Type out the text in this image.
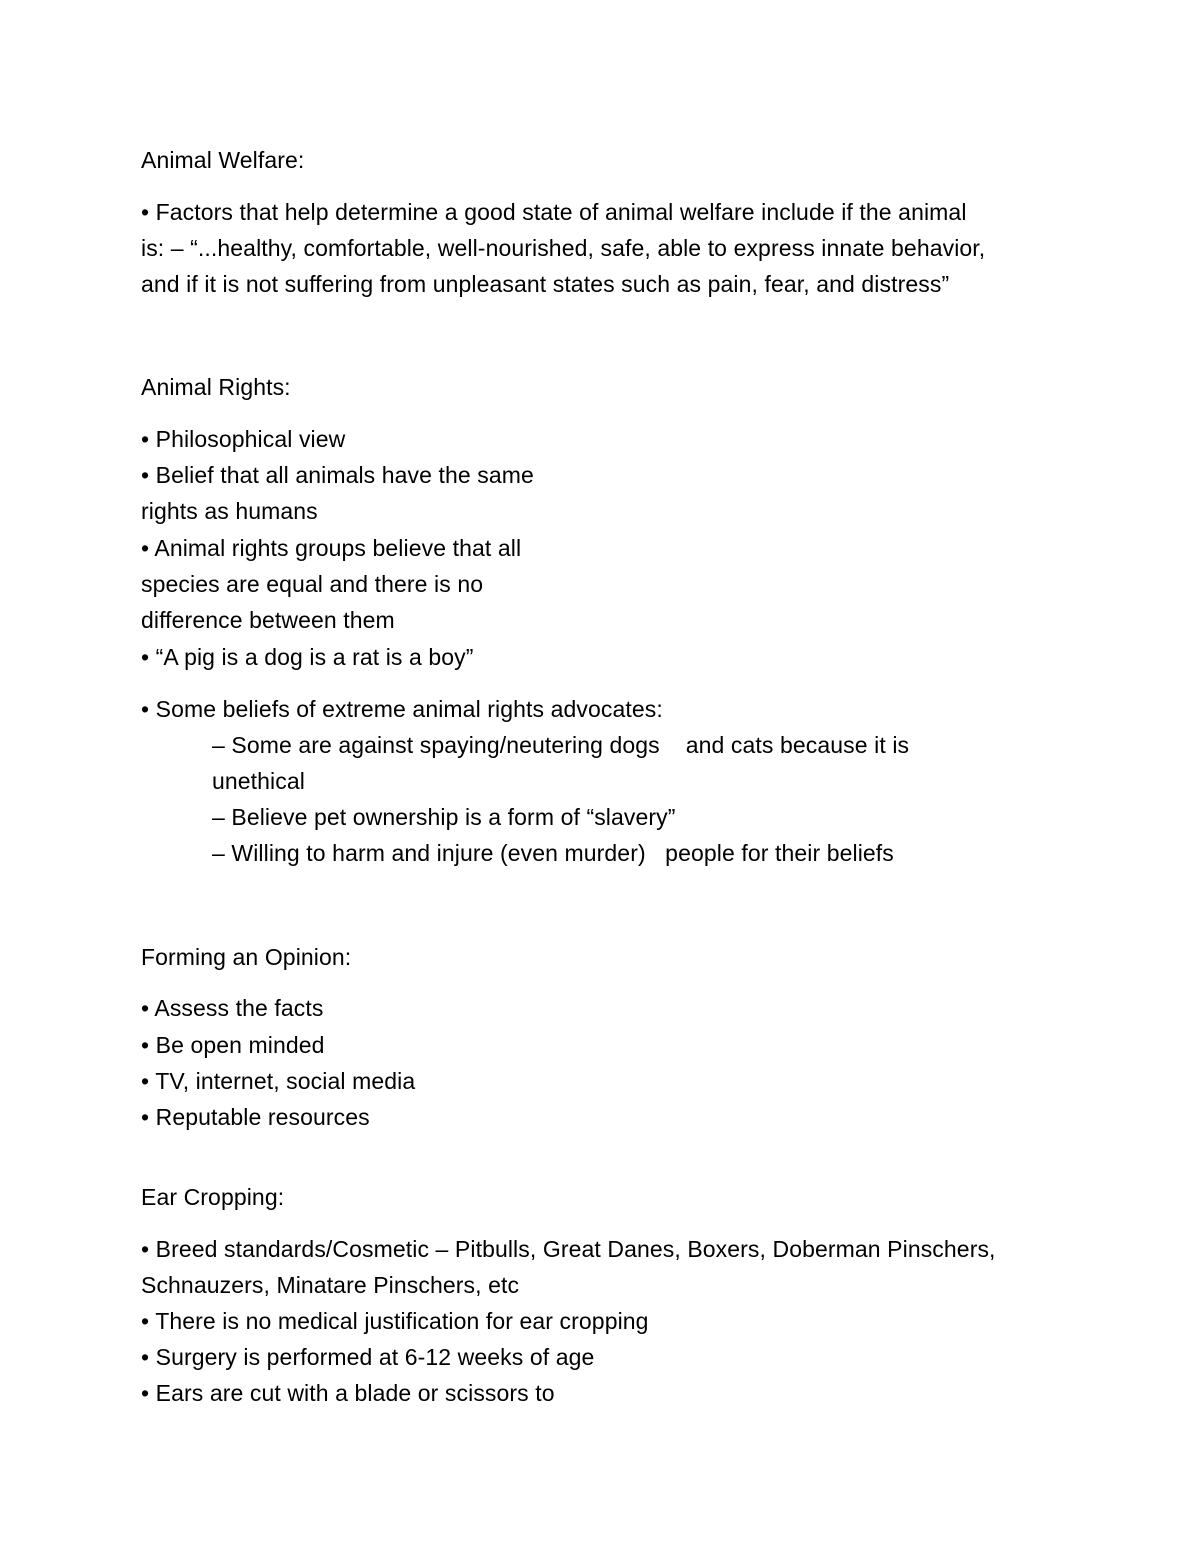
Animal Welfare:
• Factors that help determine a good state of animal welfare include if the animal
is: – “...healthy, comfortable, well-nourished, safe, able to express innate behavior,
and if it is not suffering from unpleasant states such as pain, fear, and distress”
Animal Rights:
• Philosophical view
• Belief that all animals have the same
rights as humans
• Animal rights groups believe that all
species are equal and there is no
difference between them
• “A pig is a dog is a rat is a boy”
• Some beliefs of extreme animal rights advocates:
– Some are against spaying/neutering dogs    and cats because it is
unethical
– Believe pet ownership is a form of “slavery”
– Willing to harm and injure (even murder)   people for their beliefs
Forming an Opinion:
• Assess the facts
• Be open minded
• TV, internet, social media
• Reputable resources
Ear Cropping:
• Breed standards/Cosmetic – Pitbulls, Great Danes, Boxers, Doberman Pinschers,
Schnauzers, Minatare Pinschers, etc
• There is no medical justification for ear cropping
• Surgery is performed at 6-12 weeks of age
• Ears are cut with a blade or scissors to
